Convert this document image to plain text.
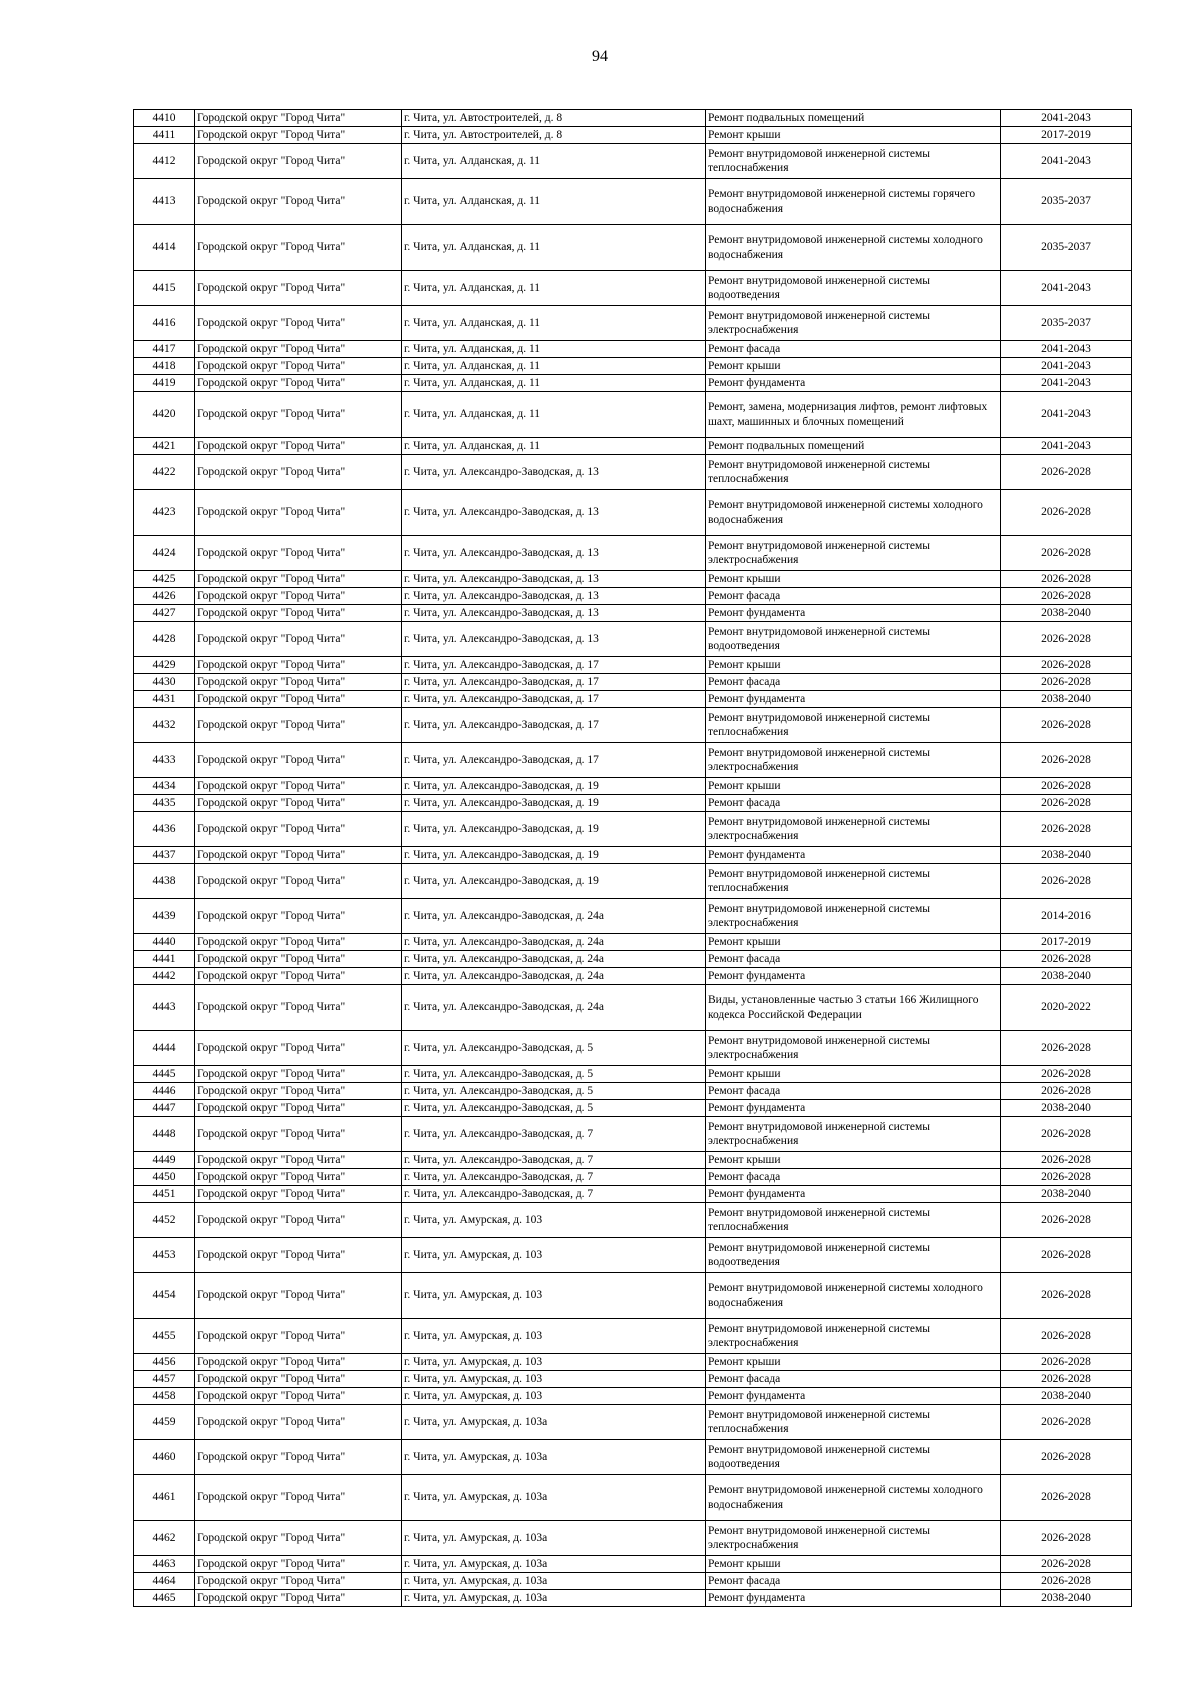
94
4410	Городской округ "Город Чита"	г. Чита, ул. Автостроителей, д. 8	Ремонт подвальных помещений	2041-2043
4411	Городской округ "Город Чита"	г. Чита, ул. Автостроителей, д. 8	Ремонт крыши	2017-2019
4412	Городской округ "Город Чита"	г. Чита, ул. Алданская, д. 11	Ремонт внутридомовой инженерной системы теплоснабжения	2041-2043
4413	Городской округ "Город Чита"	г. Чита, ул. Алданская, д. 11	Ремонт внутридомовой инженерной системы горячего водоснабжения	2035-2037
4414	Городской округ "Город Чита"	г. Чита, ул. Алданская, д. 11	Ремонт внутридомовой инженерной системы холодного водоснабжения	2035-2037
4415	Городской округ "Город Чита"	г. Чита, ул. Алданская, д. 11	Ремонт внутридомовой инженерной системы водоотведения	2041-2043
4416	Городской округ "Город Чита"	г. Чита, ул. Алданская, д. 11	Ремонт внутридомовой инженерной системы электроснабжения	2035-2037
4417	Городской округ "Город Чита"	г. Чита, ул. Алданская, д. 11	Ремонт фасада	2041-2043
4418	Городской округ "Город Чита"	г. Чита, ул. Алданская, д. 11	Ремонт крыши	2041-2043
4419	Городской округ "Город Чита"	г. Чита, ул. Алданская, д. 11	Ремонт фундамента	2041-2043
4420	Городской округ "Город Чита"	г. Чита, ул. Алданская, д. 11	Ремонт, замена, модернизация лифтов, ремонт лифтовых шахт, машинных и блочных помещений	2041-2043
4421	Городской округ "Город Чита"	г. Чита, ул. Алданская, д. 11	Ремонт подвальных помещений	2041-2043
4422	Городской округ "Город Чита"	г. Чита, ул. Александро-Заводская, д. 13	Ремонт внутридомовой инженерной системы теплоснабжения	2026-2028
4423	Городской округ "Город Чита"	г. Чита, ул. Александро-Заводская, д. 13	Ремонт внутридомовой инженерной системы холодного водоснабжения	2026-2028
4424	Городской округ "Город Чита"	г. Чита, ул. Александро-Заводская, д. 13	Ремонт внутридомовой инженерной системы электроснабжения	2026-2028
4425	Городской округ "Город Чита"	г. Чита, ул. Александро-Заводская, д. 13	Ремонт крыши	2026-2028
4426	Городской округ "Город Чита"	г. Чита, ул. Александро-Заводская, д. 13	Ремонт фасада	2026-2028
4427	Городской округ "Город Чита"	г. Чита, ул. Александро-Заводская, д. 13	Ремонт фундамента	2038-2040
4428	Городской округ "Город Чита"	г. Чита, ул. Александро-Заводская, д. 13	Ремонт внутридомовой инженерной системы водоотведения	2026-2028
4429	Городской округ "Город Чита"	г. Чита, ул. Александро-Заводская, д. 17	Ремонт крыши	2026-2028
4430	Городской округ "Город Чита"	г. Чита, ул. Александро-Заводская, д. 17	Ремонт фасада	2026-2028
4431	Городской округ "Город Чита"	г. Чита, ул. Александро-Заводская, д. 17	Ремонт фундамента	2038-2040
4432	Городской округ "Город Чита"	г. Чита, ул. Александро-Заводская, д. 17	Ремонт внутридомовой инженерной системы теплоснабжения	2026-2028
4433	Городской округ "Город Чита"	г. Чита, ул. Александро-Заводская, д. 17	Ремонт внутридомовой инженерной системы электроснабжения	2026-2028
4434	Городской округ "Город Чита"	г. Чита, ул. Александро-Заводская, д. 19	Ремонт крыши	2026-2028
4435	Городской округ "Город Чита"	г. Чита, ул. Александро-Заводская, д. 19	Ремонт фасада	2026-2028
4436	Городской округ "Город Чита"	г. Чита, ул. Александро-Заводская, д. 19	Ремонт внутридомовой инженерной системы электроснабжения	2026-2028
4437	Городской округ "Город Чита"	г. Чита, ул. Александро-Заводская, д. 19	Ремонт фундамента	2038-2040
4438	Городской округ "Город Чита"	г. Чита, ул. Александро-Заводская, д. 19	Ремонт внутридомовой инженерной системы теплоснабжения	2026-2028
4439	Городской округ "Город Чита"	г. Чита, ул. Александро-Заводская, д. 24а	Ремонт внутридомовой инженерной системы электроснабжения	2014-2016
4440	Городской округ "Город Чита"	г. Чита, ул. Александро-Заводская, д. 24а	Ремонт крыши	2017-2019
4441	Городской округ "Город Чита"	г. Чита, ул. Александро-Заводская, д. 24а	Ремонт фасада	2026-2028
4442	Городской округ "Город Чита"	г. Чита, ул. Александро-Заводская, д. 24а	Ремонт фундамента	2038-2040
4443	Городской округ "Город Чита"	г. Чита, ул. Александро-Заводская, д. 24а	Виды, установленные частью 3 статьи 166 Жилищного кодекса Российской Федерации	2020-2022
4444	Городской округ "Город Чита"	г. Чита, ул. Александро-Заводская, д. 5	Ремонт внутридомовой инженерной системы электроснабжения	2026-2028
4445	Городской округ "Город Чита"	г. Чита, ул. Александро-Заводская, д. 5	Ремонт крыши	2026-2028
4446	Городской округ "Город Чита"	г. Чита, ул. Александро-Заводская, д. 5	Ремонт фасада	2026-2028
4447	Городской округ "Город Чита"	г. Чита, ул. Александро-Заводская, д. 5	Ремонт фундамента	2038-2040
4448	Городской округ "Город Чита"	г. Чита, ул. Александро-Заводская, д. 7	Ремонт внутридомовой инженерной системы электроснабжения	2026-2028
4449	Городской округ "Город Чита"	г. Чита, ул. Александро-Заводская, д. 7	Ремонт крыши	2026-2028
4450	Городской округ "Город Чита"	г. Чита, ул. Александро-Заводская, д. 7	Ремонт фасада	2026-2028
4451	Городской округ "Город Чита"	г. Чита, ул. Александро-Заводская, д. 7	Ремонт фундамента	2038-2040
4452	Городской округ "Город Чита"	г. Чита, ул. Амурская, д. 103	Ремонт внутридомовой инженерной системы теплоснабжения	2026-2028
4453	Городской округ "Город Чита"	г. Чита, ул. Амурская, д. 103	Ремонт внутридомовой инженерной системы водоотведения	2026-2028
4454	Городской округ "Город Чита"	г. Чита, ул. Амурская, д. 103	Ремонт внутридомовой инженерной системы холодного водоснабжения	2026-2028
4455	Городской округ "Город Чита"	г. Чита, ул. Амурская, д. 103	Ремонт внутридомовой инженерной системы электроснабжения	2026-2028
4456	Городской округ "Город Чита"	г. Чита, ул. Амурская, д. 103	Ремонт крыши	2026-2028
4457	Городской округ "Город Чита"	г. Чита, ул. Амурская, д. 103	Ремонт фасада	2026-2028
4458	Городской округ "Город Чита"	г. Чита, ул. Амурская, д. 103	Ремонт фундамента	2038-2040
4459	Городской округ "Город Чита"	г. Чита, ул. Амурская, д. 103а	Ремонт внутридомовой инженерной системы теплоснабжения	2026-2028
4460	Городской округ "Город Чита"	г. Чита, ул. Амурская, д. 103а	Ремонт внутридомовой инженерной системы водоотведения	2026-2028
4461	Городской округ "Город Чита"	г. Чита, ул. Амурская, д. 103а	Ремонт внутридомовой инженерной системы холодного водоснабжения	2026-2028
4462	Городской округ "Город Чита"	г. Чита, ул. Амурская, д. 103а	Ремонт внутридомовой инженерной системы электроснабжения	2026-2028
4463	Городской округ "Город Чита"	г. Чита, ул. Амурская, д. 103а	Ремонт крыши	2026-2028
4464	Городской округ "Город Чита"	г. Чита, ул. Амурская, д. 103а	Ремонт фасада	2026-2028
4465	Городской округ "Город Чита"	г. Чита, ул. Амурская, д. 103а	Ремонт фундамента	2038-2040
